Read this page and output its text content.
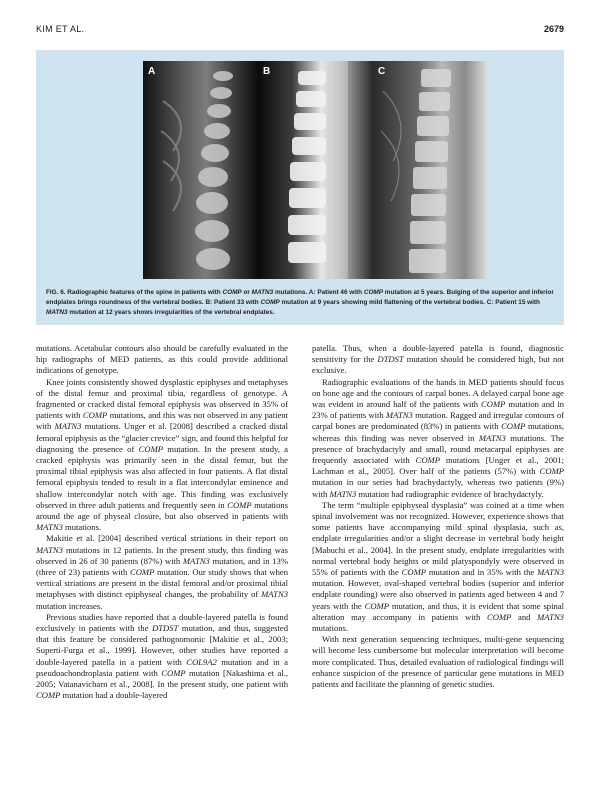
KIM ET AL.	2679
A	B	C
FIG. 6. Radiographic features of the spine in patients with COMP or MATN3 mutations. A: Patient 46 with COMP mutation at 5 years. Bulging of the superior and inferior endplates brings roundness of the vertebral bodies. B: Patient 33 with COMP mutation at 9 years showing mild flattening of the vertebral bodies. C: Patient 15 with MATN3 mutation at 12 years shows irregularities of the vertebral endplates.

mutations. Acetabular contours also should be carefully evaluated in the hip radiographs of MED patients, as this could provide additional indications of genotype.

Knee joints consistently showed dysplastic epiphyses and metaphyses of the distal femur and proximal tibia, regardless of genotype. A fragmented or cracked distal femoral epiphysis was observed in 35% of patients with COMP mutations, and this was not observed in any patient with MATN3 mutations. Unger et al. [2008] described a cracked distal femoral epiphysis as the “glacier crevice” sign, and found this helpful for diagnosing the presence of COMP mutation. In the present study, a cracked epiphysis was primarily seen in the distal femur, but the proximal tibial epiphysis was also affected in four patients. A flat distal femoral epiphysis tended to result in a flat intercondylar eminence and shallow intercondylar notch with age. This finding was exclusively observed in three adult patients and frequently seen in COMP mutations around the age of physeal closure, but also observed in patients with MATN3 mutations.

Makitie et al. [2004] described vertical striations in their report on MATN3 mutations in 12 patients. In the present study, this finding was observed in 26 of 30 patients (87%) with MATN3 mutation, and in 13% (three of 23) patients with COMP mutation. Our study shows that when vertical striations are present in the distal femoral and/or proximal tibial metaphyses with distinct epiphyseal changes, the probability of MATN3 mutation increases.

Previous studies have reported that a double-layered patella is found exclusively in patients with the DTDST mutation, and thus, suggested that this feature be considered pathognomonic [Makitie et al., 2003; Superti-Furga et al., 1999]. However, other studies have reported a double-layered patella in a patient with COL9A2 mutation and in a pseudoachondroplasia patient with COMP mutation [Nakashima et al., 2005; Vatanavicharn et al., 2008]. In the present study, one patient with COMP mutation had a double-layered

patella. Thus, when a double-layered patella is found, diagnostic sensitivity for the DTDST mutation should be considered high, but not exclusive.

Radiographic evaluations of the hands in MED patients should focus on bone age and the contours of carpal bones. A delayed carpal bone age was evident in around half of the patients with COMP mutation and in 23% of patients with MATN3 mutation. Ragged and irregular contours of carpal bones are predominated (83%) in patients with COMP mutations, whereas this finding was never observed in MATN3 mutations. The presence of brachydactyly and small, round metacarpal epiphyses are frequently associated with COMP mutations [Unger et al., 2001; Lachman et al., 2005]. Over half of the patients (57%) with COMP mutation in our series had brachydactyly, whereas two patients (9%) with MATN3 mutation had radiographic evidence of brachydactyly.

The term “multiple epiphyseal dysplasia” was coined at a time when spinal involvement was not recognized. However, experience shows that some patients have accompanying mild spinal dysplasia, such as, endplate irregularities and/or a slight decrease in vertebral body height [Mabuchi et al., 2004]. In the present study, endplate irregularities with normal vertebral body heights or mild platyspondyly were observed in 55% of patients with the COMP mutation and in 35% with the MATN3 mutation. However, oval-shaped vertebral bodies (superior and inferior endplate rounding) were also observed in patients aged between 4 and 7 years with the COMP mutation, and thus, it is evident that some spinal alteration may accompany in patients with COMP and MATN3 mutations.

With next generation sequencing techniques, multi-gene sequencing will become less cumbersome but molecular interpretation will become more complicated. Thus, detailed evaluation of radiological findings will enhance suspicion of the presence of particular gene mutations in MED patients and facilitate the planning of genetic studies.
